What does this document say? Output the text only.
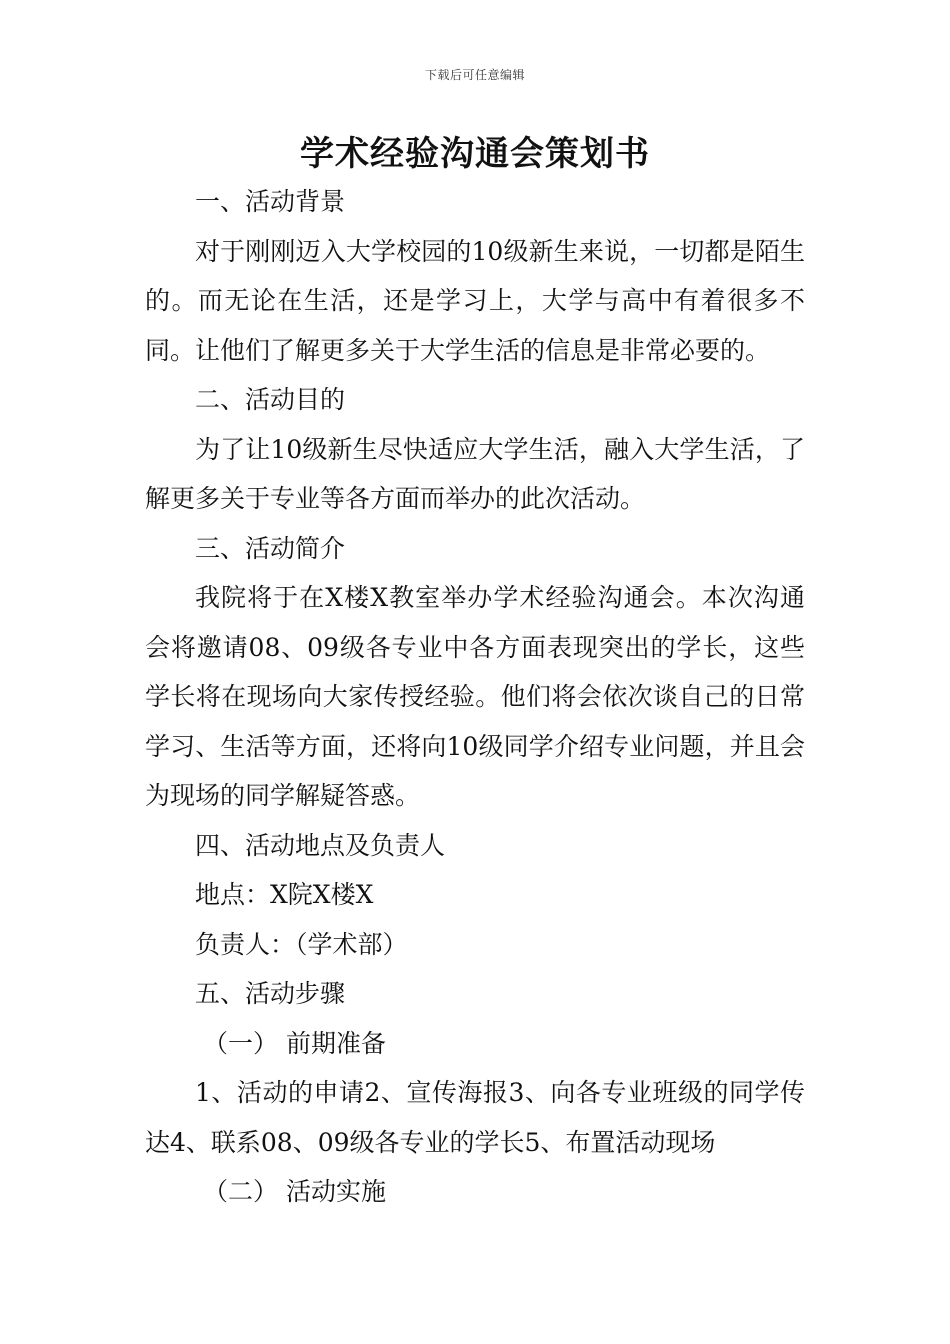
下载后可任意编辑
学术经验沟通会策划书

一、活动背景

对于刚刚迈入大学校园的10级新生来说，一切都是陌生的。而无论在生活，还是学习上，大学与高中有着很多不同。让他们了解更多关于大学生活的信息是非常必要的。

二、活动目的

为了让10级新生尽快适应大学生活，融入大学生活，了解更多关于专业等各方面而举办的此次活动。

三、活动简介

我院将于在X楼X教室举办学术经验沟通会。本次沟通会将邀请08、09级各专业中各方面表现突出的学长，这些学长将在现场向大家传授经验。他们将会依次谈自己的日常学习、生活等方面，还将向10级同学介绍专业问题，并且会为现场的同学解疑答惑。

四、活动地点及负责人

地点：X院X楼X

负责人：（学术部）

五、活动步骤

（一） 前期准备

1、活动的申请2、宣传海报3、向各专业班级的同学传达4、联系08、09级各专业的学长5、布置活动现场

（二） 活动实施
